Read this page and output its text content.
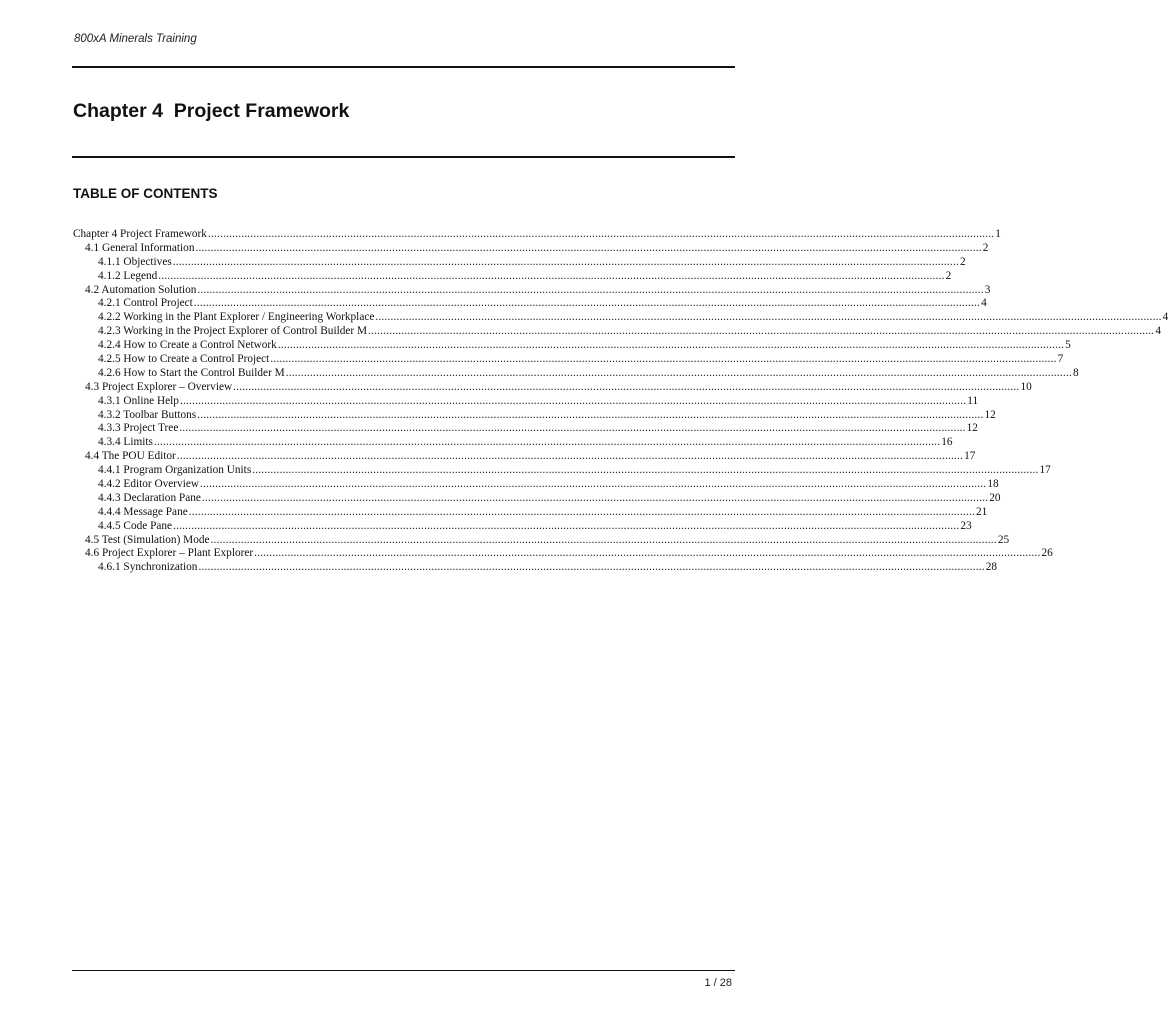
800xA Minerals Training
Chapter 4  Project Framework
TABLE OF CONTENTS
Chapter 4 Project Framework .................................................................................................................................................................................................................................................................... 1
4.1 General Information .................................................................................................................................................................................................................................................................... 2
4.1.1 Objectives .................................................................................................................................................................................................................................................................... 2
4.1.2 Legend .................................................................................................................................................................................................................................................................... 2
4.2 Automation Solution .................................................................................................................................................................................................................................................................... 3
4.2.1 Control Project .................................................................................................................................................................................................................................................................... 4
4.2.2 Working in the Plant Explorer / Engineering Workplace .................................................................................................................................................................................................................................................................... 4
4.2.3 Working in the Project Explorer of Control Builder M .................................................................................................................................................................................................................................................................... 4
4.2.4 How to Create a Control Network .................................................................................................................................................................................................................................................................... 5
4.2.5 How to Create a Control Project .................................................................................................................................................................................................................................................................... 7
4.2.6 How to Start the Control Builder M .................................................................................................................................................................................................................................................................... 8
4.3 Project Explorer – Overview .................................................................................................................................................................................................................................................................... 10
4.3.1 Online Help .................................................................................................................................................................................................................................................................... 11
4.3.2 Toolbar Buttons .................................................................................................................................................................................................................................................................... 12
4.3.3 Project Tree .................................................................................................................................................................................................................................................................... 12
4.3.4 Limits .................................................................................................................................................................................................................................................................... 16
4.4 The POU Editor .................................................................................................................................................................................................................................................................... 17
4.4.1 Program Organization Units .................................................................................................................................................................................................................................................................... 17
4.4.2 Editor Overview .................................................................................................................................................................................................................................................................... 18
4.4.3 Declaration Pane .................................................................................................................................................................................................................................................................... 20
4.4.4 Message Pane .................................................................................................................................................................................................................................................................... 21
4.4.5 Code Pane .................................................................................................................................................................................................................................................................... 23
4.5 Test (Simulation) Mode .................................................................................................................................................................................................................................................................... 25
4.6 Project Explorer – Plant Explorer .................................................................................................................................................................................................................................................................... 26
4.6.1 Synchronization .................................................................................................................................................................................................................................................................... 28
1 / 28
